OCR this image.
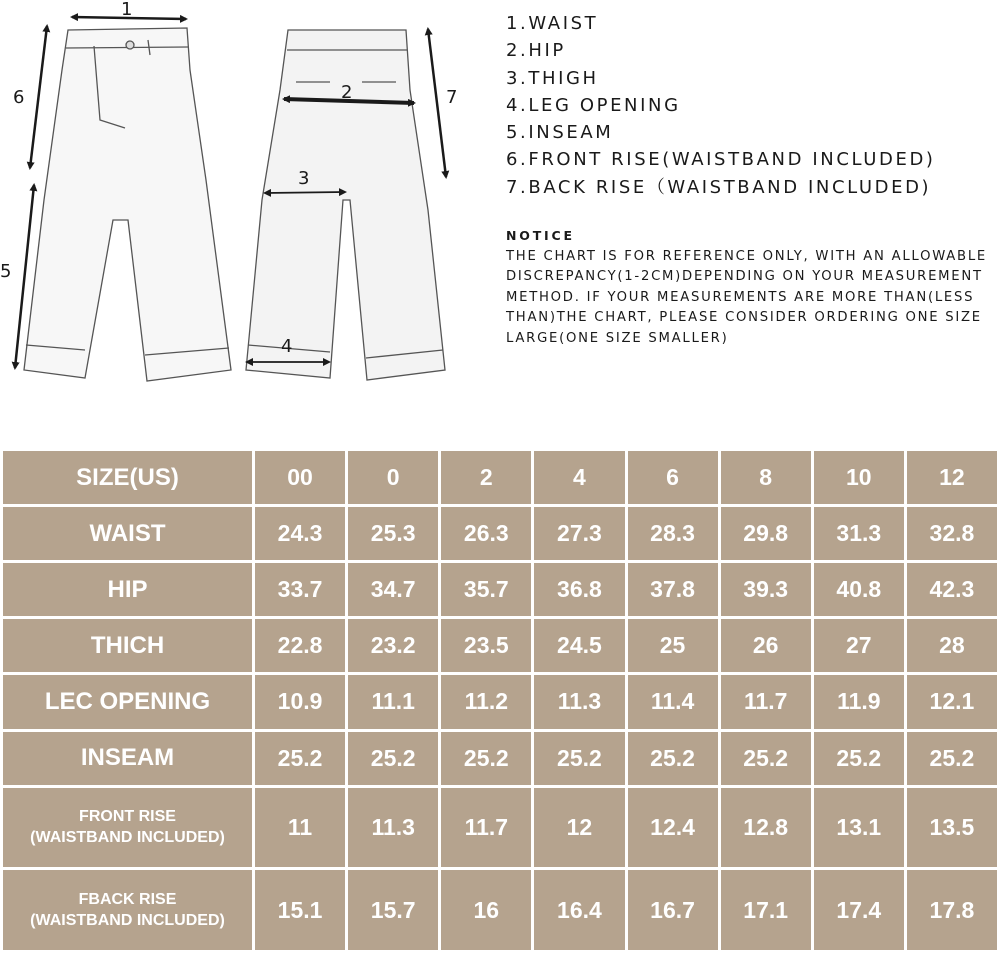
1
2
3
4
5
6	7
1.WAIST
2.HIP
3.THIGH
4.LEG OPENING
5.INSEAM
6.FRONT RISE(WAISTBAND INCLUDED)
7.BACK RISE（WAISTBAND INCLUDED)
NOTICE
THE CHART IS FOR REFERENCE ONLY, WITH AN ALLOWABLE DISCREPANCY(1-2CM)DEPENDING ON YOUR MEASUREMENT METHOD. IF YOUR MEASUREMENTS ARE MORE THAN(LESS THAN)THE CHART, PLEASE CONSIDER ORDERING ONE SIZE LARGE(ONE SIZE SMALLER)
SIZE(US)	00	0	2	4	6	8	10	12
WAIST	24.3	25.3	26.3	27.3	28.3	29.8	31.3	32.8
HIP	33.7	34.7	35.7	36.8	37.8	39.3	40.8	42.3
THICH	22.8	23.2	23.5	24.5	25	26	27	28
LEC OPENING	10.9	11.1	11.2	11.3	11.4	11.7	11.9	12.1
INSEAM	25.2	25.2	25.2	25.2	25.2	25.2	25.2	25.2

FRONT RISE
(WAISTBAND INCLUDED)	11	11.3	11.7	12	12.4	12.8	13.1	13.5

FBACK RISE
(WAISTBAND INCLUDED)	15.1	15.7	16	16.4	16.7	17.1	17.4	17.8
